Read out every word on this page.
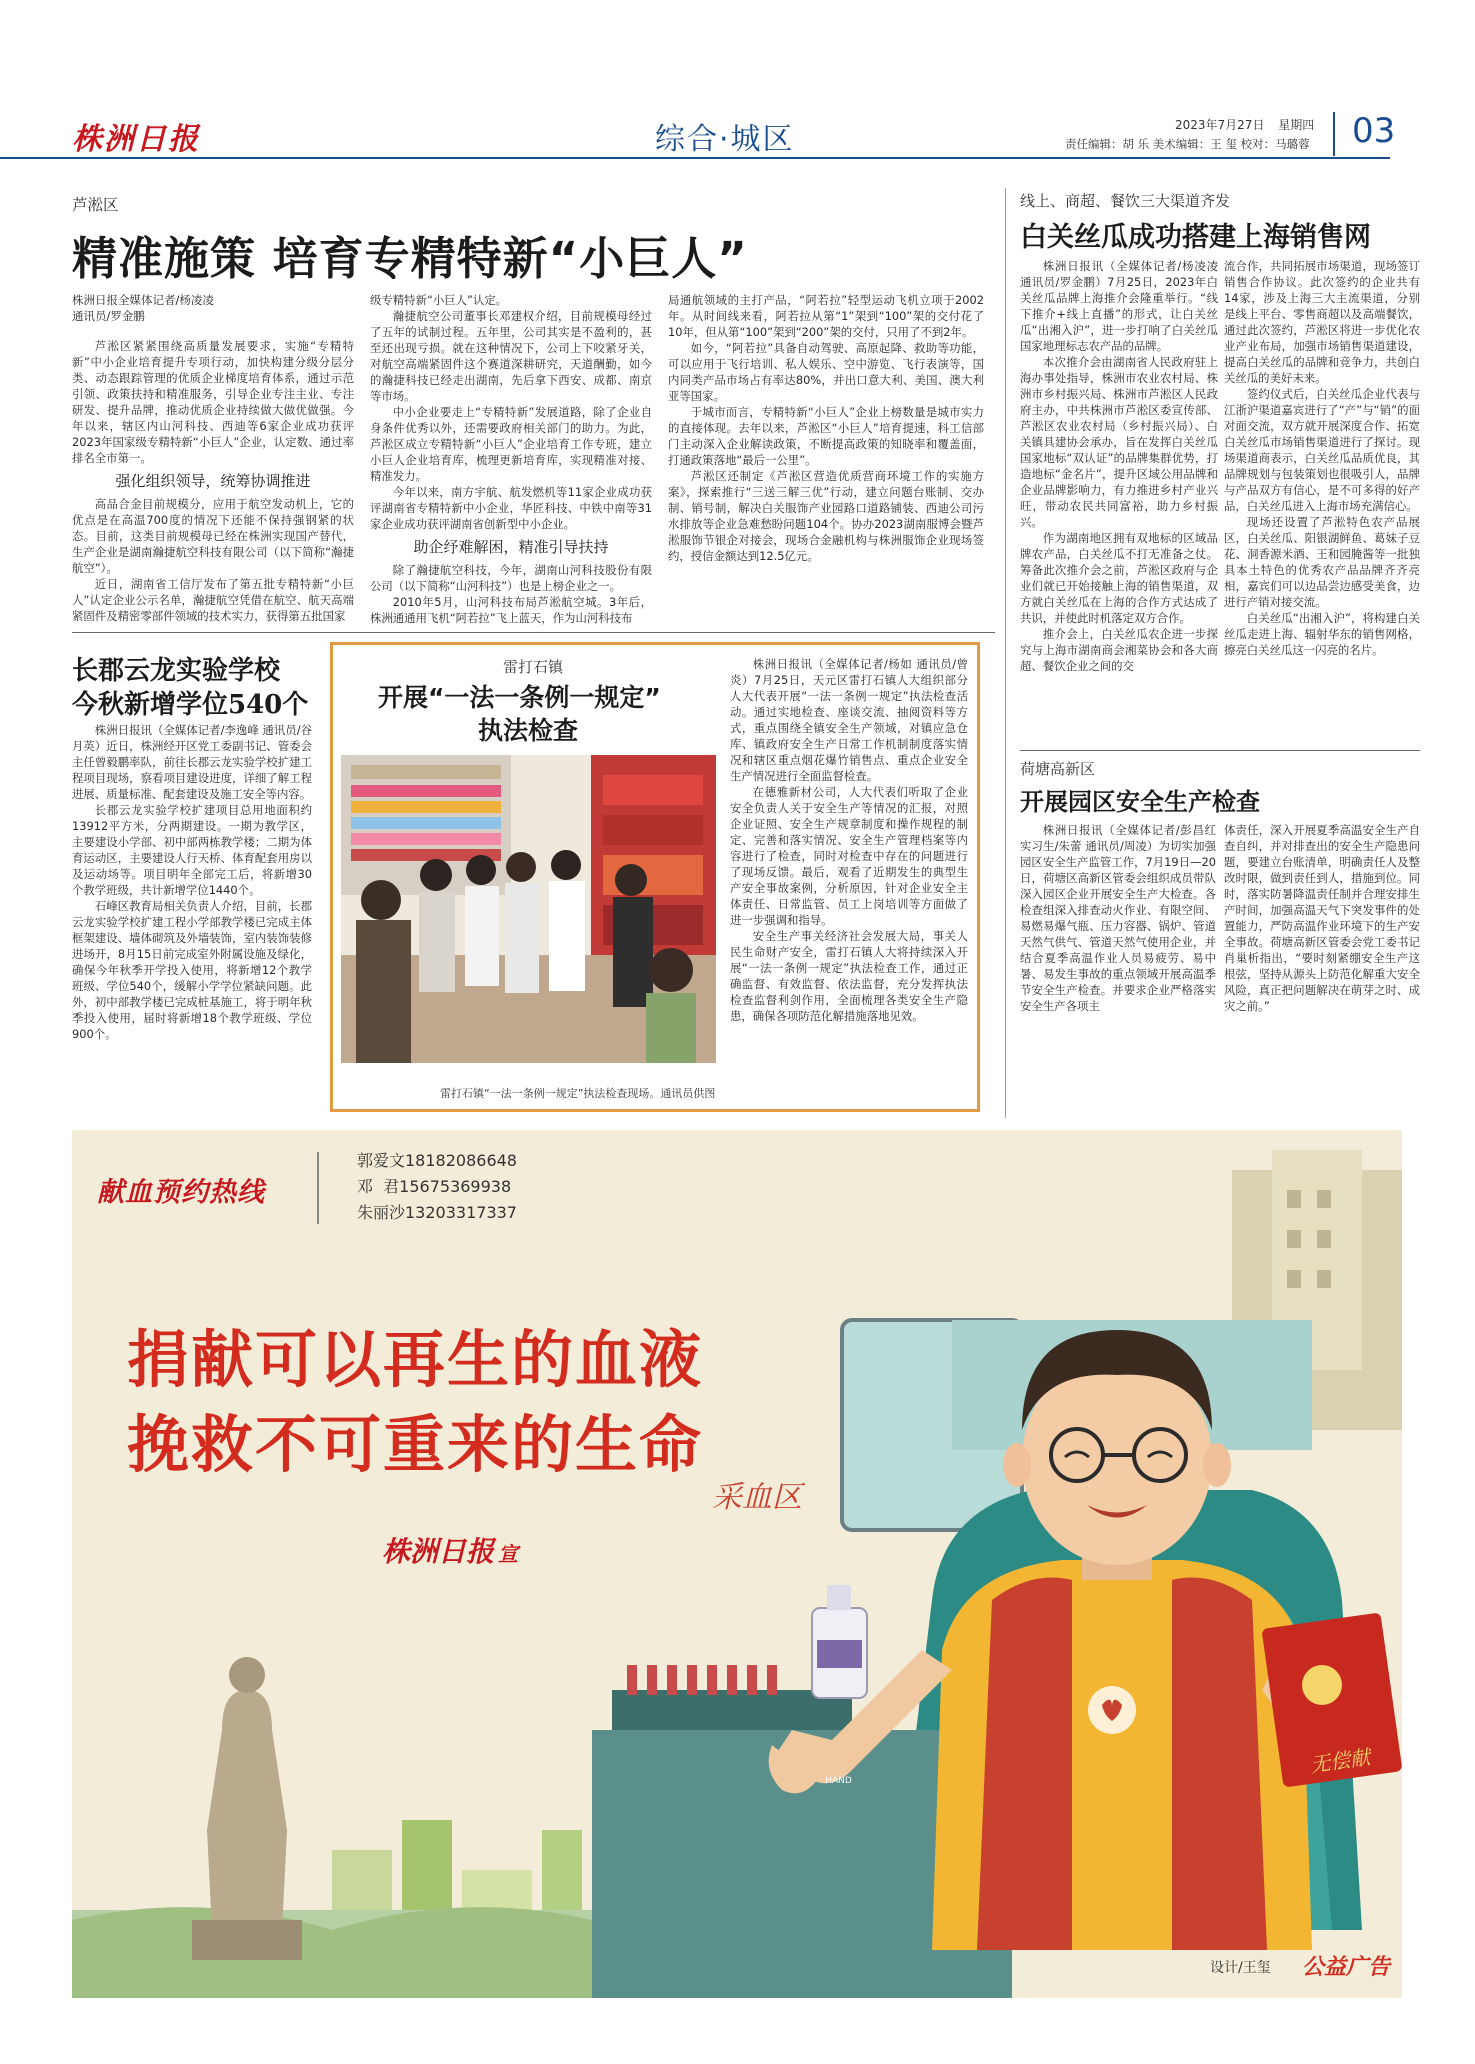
株洲日报	综合·城区	2023年7月27日 星期四
责任编辑：胡 乐 美术编辑：王 玺 校对：马璐蓉 03
芦淞区
精准施策 培育专精特新“小巨人”
株洲日报全媒体记者/杨凌凌
通讯员/罗金鹏

芦淞区紧紧围绕高质量发展要求，实施“专精特新”中小企业培育提升专项行动，加快构建分级分层分类、动态跟踪管理的优质企业梯度培育体系，通过示范引领、政策扶持和精准服务，引导企业专注主业、专注研发、提升品牌，推动优质企业持续做大做优做强。今年以来，辖区内山河科技、西迪等6家企业成功获评2023年国家级专精特新“小巨人”企业，认定数、通过率排名全市第一。

强化组织领导，统筹协调推进

高品合金目前规模分，应用于航空发动机上，它的优点是在高温700度的情况下还能不保持强钢紧的状态。目前，这类目前规模母已经在株洲实现国产替代，生产企业是湖南瀚捷航空科技有限公司（以下简称“瀚捷航空”）。

近日，湖南省工信厅发布了第五批专精特新“小巨人”认定企业公示名单，瀚捷航空凭借在航空、航天高端紧固件及精密零部件领域的技术实力，获得第五批国家

级专精特新“小巨人”认定。

瀚捷航空公司董事长邓建权介绍，目前规模母经过了五年的试制过程。五年里，公司其实是不盈利的，甚至还出现亏损。就在这种情况下，公司上下咬紧牙关，对航空高端紧固件这个赛道深耕研究，天道酬勤，如今的瀚捷科技已经走出湖南，先后拿下西安、成都、南京等市场。

中小企业要走上“专精特新”发展道路，除了企业自身条件优秀以外，还需要政府相关部门的助力。为此，芦淞区成立专精特新“小巨人”企业培育工作专班，建立小巨人企业培育库，梳理更新培育库，实现精准对接、精准发力。

今年以来，南方宇航、航发燃机等11家企业成功获评湖南省专精特新中小企业，华匠科技、中铁中南等31家企业成功获评湖南省创新型中小企业。

助企纾难解困，精准引导扶持

除了瀚捷航空科技，今年，湖南山河科技股份有限公司（以下简称“山河科技”）也是上榜企业之一。

2010年5月，山河科技布局芦淞航空城。3年后，株洲通通用飞机“阿若拉”飞上蓝天，作为山河科技布

局通航领域的主打产品，“阿若拉”轻型运动飞机立项于2002年。从时间线来看，阿若拉从第“1”架到“100”架的交付花了10年，但从第“100”架到“200”架的交付，只用了不到2年。

如今，“阿若拉”具备自动驾驶、高原起降、救助等功能，可以应用于飞行培训、私人娱乐、空中游览、飞行表演等，国内同类产品市场占有率达80%，并出口意大利、美国、澳大利亚等国家。

于城市而言，专精特新“小巨人”企业上榜数量是城市实力的直接体现。去年以来，芦淞区“小巨人”培育提速，科工信部门主动深入企业解读政策，不断提高政策的知晓率和覆盖面，打通政策落地“最后一公里”。

芦淞区还制定《芦淞区营造优质营商环境工作的实施方案》，探索推行“三送三解三优”行动，建立问题台账制、交办制、销号制，解决白关服饰产业园路口道路铺装、西迪公司污水排放等企业急难愁盼问题104个。协办2023湖南服博会暨芦淞服饰节银企对接会，现场合金融机构与株洲服饰企业现场签约，授信金额达到12.5亿元。

线上、商超、餐饮三大渠道齐发
白关丝瓜成功搭建上海销售网

株洲日报讯（全媒体记者/杨凌凌 通讯员/罗金鹏）7月25日，2023年白关丝瓜品牌上海推介会隆重举行。“线下推介+线上直播”的形式，让白关丝瓜“出湘入沪”，进一步打响了白关丝瓜国家地理标志农产品的品牌。

本次推介会由湖南省人民政府驻上海办事处指导，株洲市农业农村局、株洲市乡村振兴局、株洲市芦淞区人民政府主办，中共株洲市芦淞区委宣传部、芦淞区农业农村局（乡村振兴局）、白关镇具建协会承办，旨在发挥白关丝瓜国家地标“双认证”的品牌集群优势，打造地标“金名片”，提升区域公用品牌和企业品牌影响力，有力推进乡村产业兴旺，带动农民共同富裕，助力乡村振兴。

作为湖南地区拥有双地标的区域品牌农产品，白关丝瓜不打无准备之仗。筹备此次推介会之前，芦淞区政府与企业们就已开始接触上海的销售渠道，双方就白关丝瓜在上海的合作方式达成了共识，并使此时机落定双方合作。

推介会上，白关丝瓜农企进一步探究与上海市湖南商会湘菜协会和各大商超、餐饮企业之间的交

流合作，共同拓展市场渠道，现场签订销售合作协议。此次签约的企业共有14家，涉及上海三大主流渠道，分别是线上平台、零售商超以及高端餐饮，通过此次签约，芦淞区将进一步优化农业产业布局，加强市场销售渠道建设，提高白关丝瓜的品牌和竞争力，共创白关丝瓜的美好未来。

签约仪式后，白关丝瓜企业代表与江浙沪渠道嘉宾进行了“产”与“销”的面对面交流，双方就开展深度合作、拓宽白关丝瓜市场销售渠道进行了探讨。现场渠道商表示，白关丝瓜品质优良，其品牌规划与包装策划也很吸引人，品牌与产品双方有信心，是不可多得的好产品，白关丝瓜进入上海市场充满信心。

现场还设置了芦淞特色农产品展区，白关丝瓜、阳银湖鲜鱼、葛妹子豆花、洞香源米酒、王和园腌酱等一批独具本土特色的优秀农产品品牌齐齐亮相，嘉宾们可以边品尝边感受美食，边进行产销对接交流。

白关丝瓜“出湘入沪”，将构建白关丝瓜走进上海、辐射华东的销售网格，擦亮白关丝瓜这一闪亮的名片。

长郡云龙实验学校
今秋新增学位540个

株洲日报讯（全媒体记者/李逸峰 通讯员/谷月英）近日，株洲经开区党工委副书记、管委会主任曾毅鹏率队，前往长郡云龙实验学校扩建工程项目现场，察看项目建设进度，详细了解工程进展、质量标准、配套建设及施工安全等内容。

长郡云龙实验学校扩建项目总用地面积约13912平方米，分两期建设。一期为教学区，主要建设小学部、初中部两栋教学楼；二期为体育运动区，主要建设人行天桥、体育配套用房以及运动场等。项目明年全部完工后，将新增30个教学班级，共计新增学位1440个。

石峰区教育局相关负责人介绍，目前，长郡云龙实验学校扩建工程小学部教学楼已完成主体框架建设、墙体砌筑及外墙装饰，室内装饰装修进场开，8月15日前完成室外附属设施及绿化，确保今年秋季开学投入使用，将新增12个教学班级、学位540个，缓解小学学位紧缺问题。此外，初中部教学楼已完成桩基施工，将于明年秋季投入使用，届时将新增18个教学班级、学位900个。

雷打石镇
开展“一法一条例一规定”
执法检查
雷打石镇“一法一条例一规定”执法检查现场。通讯员供图

株洲日报讯（全媒体记者/杨如 通讯员/曾炎）7月25日，天元区雷打石镇人大组织部分人大代表开展“一法一条例一规定”执法检查活动。通过实地检查、座谈交流、抽阅资料等方式，重点围绕全镇安全生产领域，对镇应急仓库、镇政府安全生产日常工作机制制度落实情况和辖区重点烟花爆竹销售点、重点企业安全生产情况进行全面监督检查。

在德雅新材公司，人大代表们听取了企业安全负责人关于安全生产等情况的汇报，对照企业证照、安全生产规章制度和操作规程的制定、完善和落实情况、安全生产管理档案等内容进行了检查，同时对检查中存在的问题进行了现场反馈。最后，观看了近期发生的典型生产安全事故案例，分析原因，针对企业安全主体责任、日常监管、员工上岗培训等方面做了进一步强调和指导。

安全生产事关经济社会发展大局，事关人民生命财产安全，雷打石镇人大将持续深入开展“一法一条例一规定”执法检查工作，通过正确监督、有效监督、依法监督，充分发挥执法检查监督利剑作用，全面梳理各类安全生产隐患，确保各项防范化解措施落地见效。

荷塘高新区
开展园区安全生产检查

株洲日报讯（全媒体记者/彭昌红 实习生/朱蕾 通讯员/周凌）为切实加强园区安全生产监管工作，7月19日—20日，荷塘区高新区管委会组织成员带队深入园区企业开展安全生产大检查。各检查组深入排查动火作业、有限空间、易燃易爆气瓶、压力容器、锅炉、管道天然气供气、管道天然气使用企业，并结合夏季高温作业人员易疲劳、易中暑、易发生事故的重点领域开展高温季节安全生产检查。并要求企业严格落实安全生产各项主

体责任，深入开展夏季高温安全生产自查自纠，并对排查出的安全生产隐患问题，要建立台账清单，明确责任人及整改时限，做到责任到人，措施到位。同时，落实防暑降温责任制并合理安排生产时间，加强高温天气下突发事件的处置能力，严防高温作业环境下的生产安全事故。荷塘高新区管委会党工委书记肖巢析指出，“要时刻紧绷安全生产这根弦，坚持从源头上防范化解重大安全风险，真正把问题解决在萌芽之时、成灾之前。”

献血预约热线
郭爱文18182086648
邓  君15675369938
朱丽沙13203317337
捐献可以再生的血液
挽救不可重来的生命
采血区
株洲日报 宣
HAND
无偿献
设计/王玺 公益广告
